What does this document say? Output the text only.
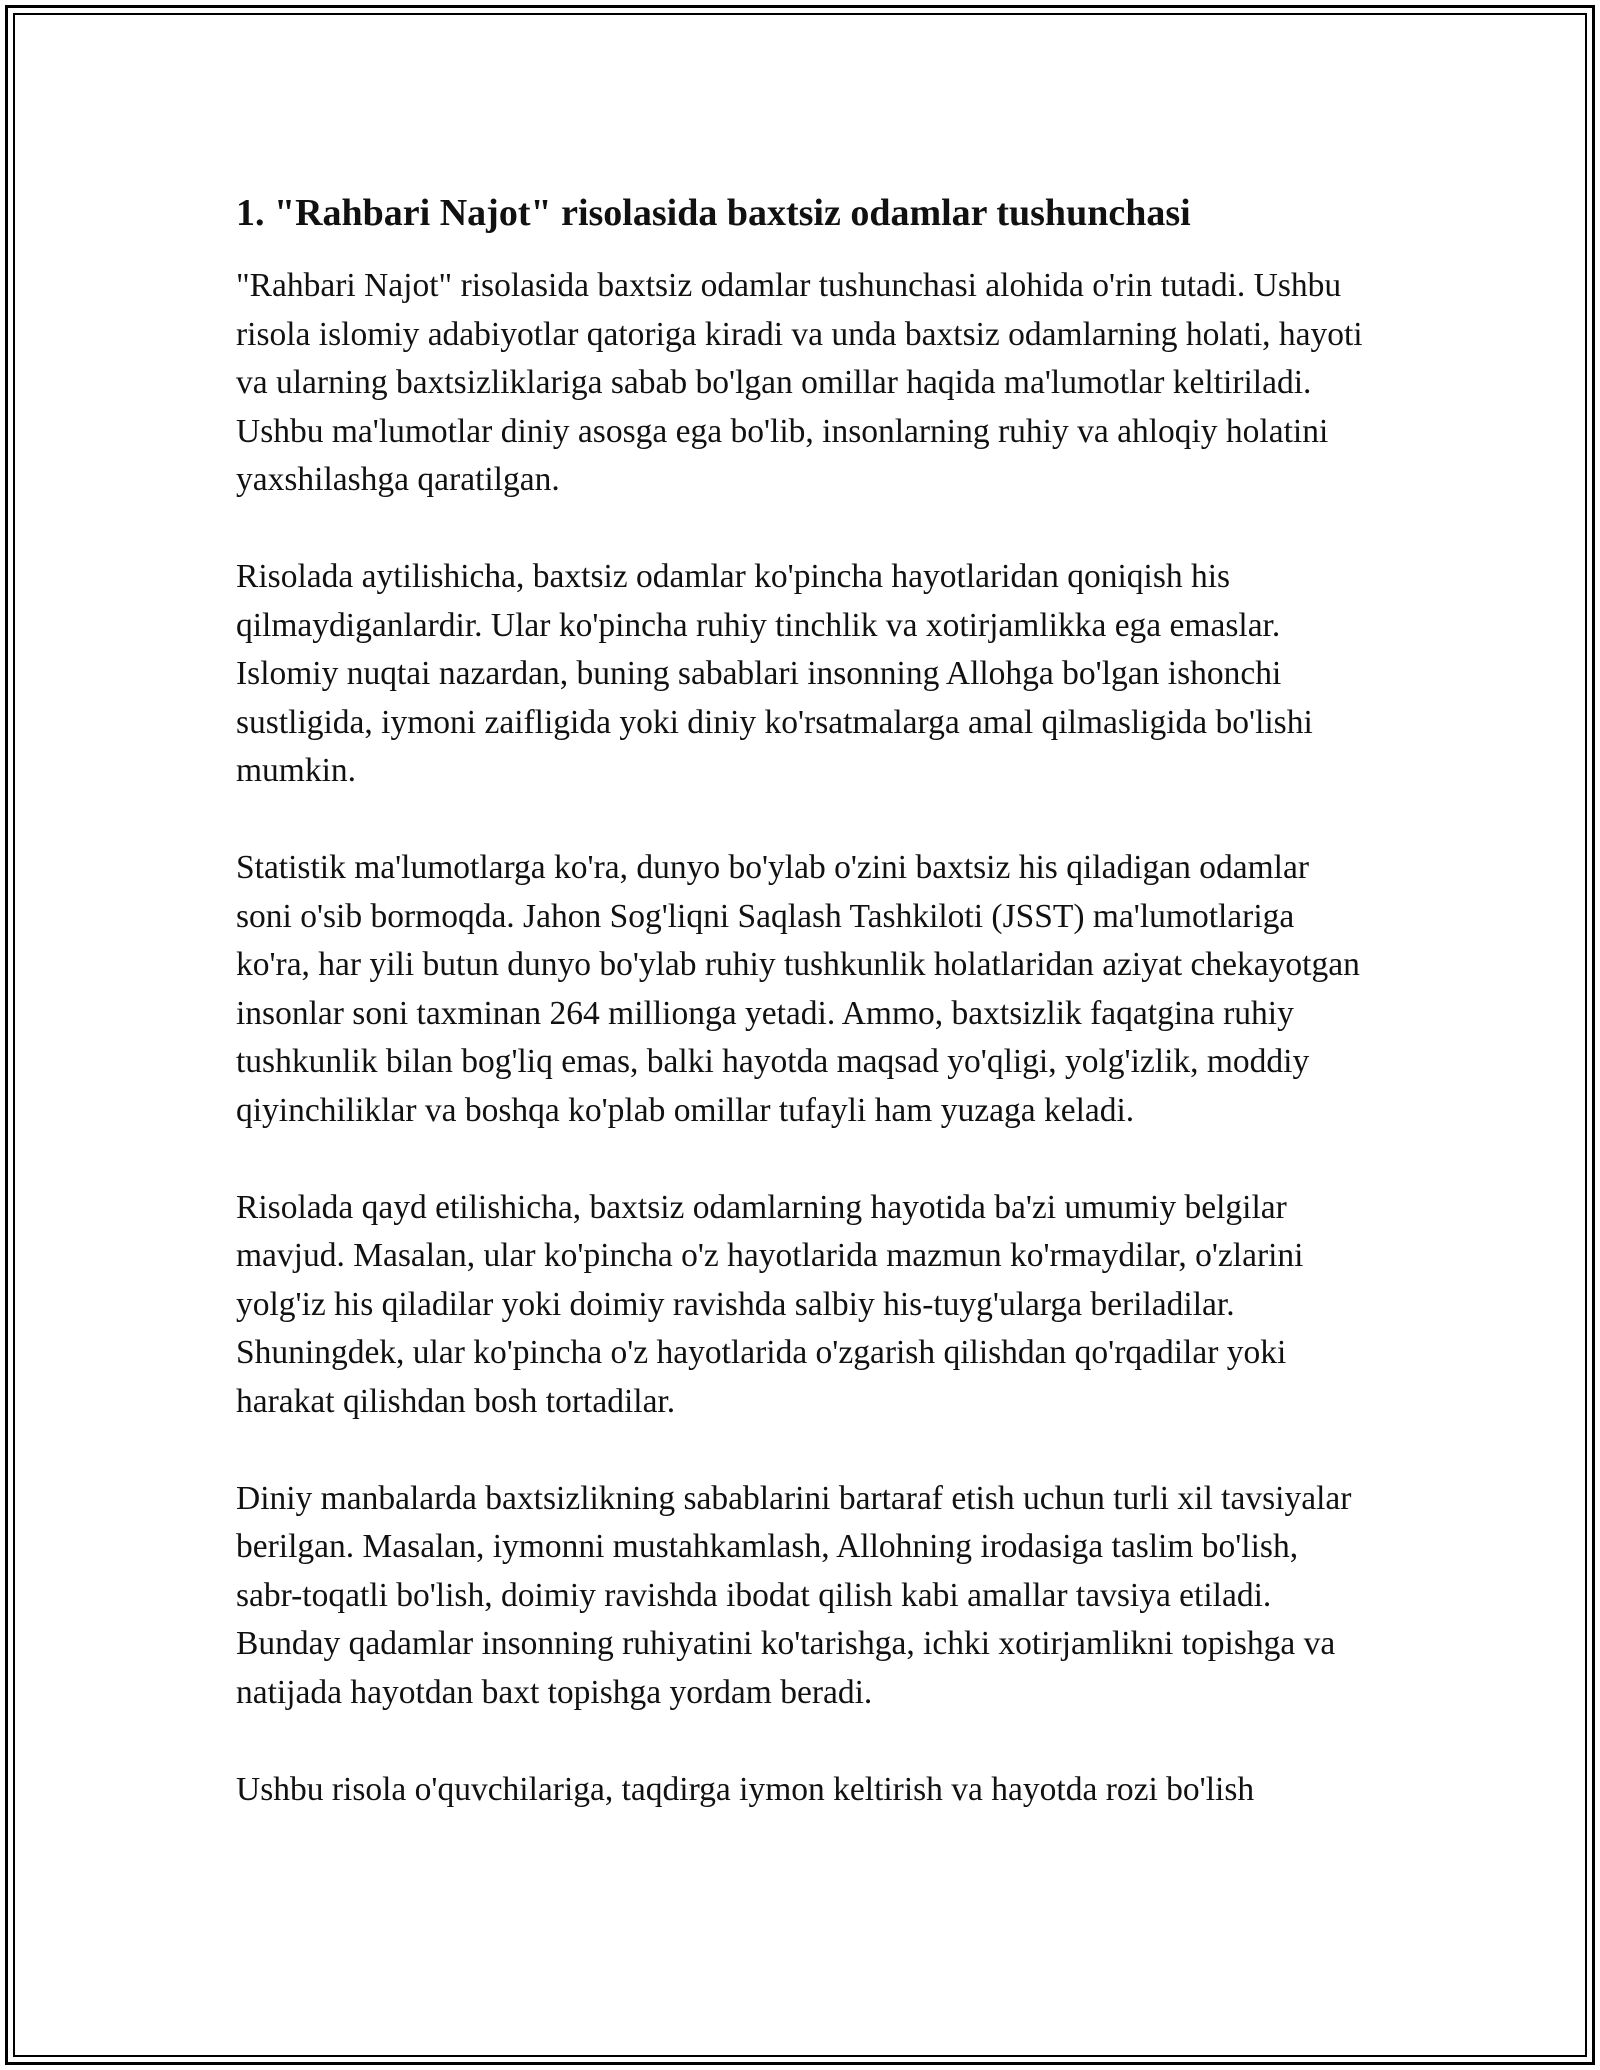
1. "Rahbari Najot" risolasida baxtsiz odamlar tushunchasi

"Rahbari Najot" risolasida baxtsiz odamlar tushunchasi alohida o'rin tutadi. Ushbu risola islomiy adabiyotlar qatoriga kiradi va unda baxtsiz odamlarning holati, hayoti va ularning baxtsizliklariga sabab bo'lgan omillar haqida ma'lumotlar keltiriladi. Ushbu ma'lumotlar diniy asosga ega bo'lib, insonlarning ruhiy va ahloqiy holatini yaxshilashga qaratilgan.

Risolada aytilishicha, baxtsiz odamlar ko'pincha hayotlaridan qoniqish his qilmaydiganlardir. Ular ko'pincha ruhiy tinchlik va xotirjamlikka ega emaslar. Islomiy nuqtai nazardan, buning sabablari insonning Allohga bo'lgan ishonchi sustligida, iymoni zaifligida yoki diniy ko'rsatmalarga amal qilmasligida bo'lishi mumkin.

Statistik ma'lumotlarga ko'ra, dunyo bo'ylab o'zini baxtsiz his qiladigan odamlar soni o'sib bormoqda. Jahon Sog'liqni Saqlash Tashkiloti (JSST) ma'lumotlariga ko'ra, har yili butun dunyo bo'ylab ruhiy tushkunlik holatlaridan aziyat chekayotgan insonlar soni taxminan 264 millionga yetadi. Ammo, baxtsizlik faqatgina ruhiy tushkunlik bilan bog'liq emas, balki hayotda maqsad yo'qligi, yolg'izlik, moddiy qiyinchiliklar va boshqa ko'plab omillar tufayli ham yuzaga keladi.

Risolada qayd etilishicha, baxtsiz odamlarning hayotida ba'zi umumiy belgilar mavjud. Masalan, ular ko'pincha o'z hayotlarida mazmun ko'rmaydilar, o'zlarini yolg'iz his qiladilar yoki doimiy ravishda salbiy his-tuyg'ularga beriladilar. Shuningdek, ular ko'pincha o'z hayotlarida o'zgarish qilishdan qo'rqadilar yoki harakat qilishdan bosh tortadilar.

Diniy manbalarda baxtsizlikning sabablarini bartaraf etish uchun turli xil tavsiyalar berilgan. Masalan, iymonni mustahkamlash, Allohning irodasiga taslim bo'lish, sabr-toqatli bo'lish, doimiy ravishda ibodat qilish kabi amallar tavsiya etiladi. Bunday qadamlar insonning ruhiyatini ko'tarishga, ichki xotirjamlikni topishga va natijada hayotdan baxt topishga yordam beradi.

Ushbu risola o'quvchilariga, taqdirga iymon keltirish va hayotda rozi bo'lish
